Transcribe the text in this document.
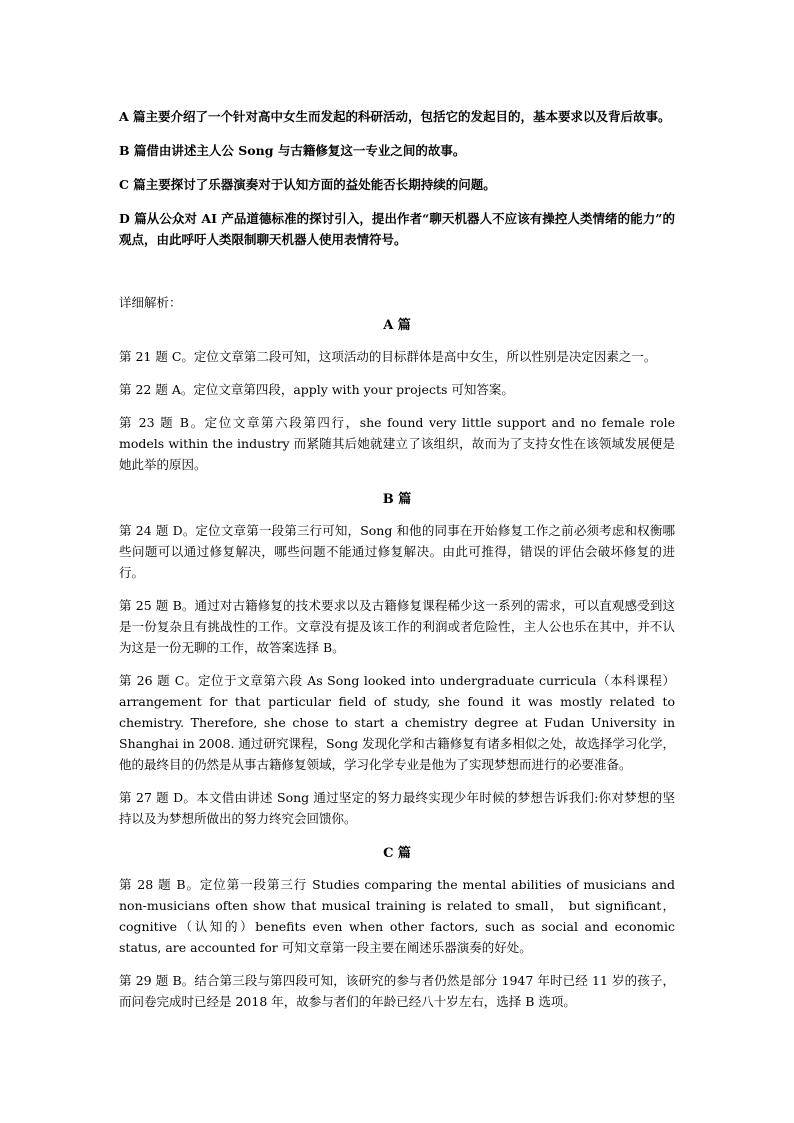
A 篇主要介绍了一个针对高中女生而发起的科研活动，包括它的发起目的，基本要求以及背后故事。

B 篇借由讲述主人公 Song 与古籍修复这一专业之间的故事。

C 篇主要探讨了乐器演奏对于认知方面的益处能否长期持续的问题。

D 篇从公众对 AI 产品道德标准的探讨引入，提出作者“聊天机器人不应该有操控人类情绪的能力”的观点，由此呼吁人类限制聊天机器人使用表情符号。

详细解析：
A 篇

第 21 题 C。定位文章第二段可知，这项活动的目标群体是高中女生，所以性别是决定因素之一。

第 22 题 A。定位文章第四段，apply with your projects 可知答案。

第 23 题 B。定位文章第六段第四行，she found very little support and no female role models within the industry 而紧随其后她就建立了该组织，故而为了支持女性在该领域发展便是她此举的原因。

B 篇

第 24 题 D。定位文章第一段第三行可知，Song 和他的同事在开始修复工作之前必须考虑和权衡哪些问题可以通过修复解决，哪些问题不能通过修复解决。由此可推得，错误的评估会破坏修复的进行。

第 25 题 B。通过对古籍修复的技术要求以及古籍修复课程稀少这一系列的需求，可以直观感受到这是一份复杂且有挑战性的工作。文章没有提及该工作的利润或者危险性，主人公也乐在其中，并不认为这是一份无聊的工作，故答案选择 B。

第 26 题 C。定位于文章第六段 As Song looked into undergraduate curricula（本科课程）arrangement for that particular field of study, she found it was mostly related to chemistry. Therefore, she chose to start a chemistry degree at Fudan University in Shanghai in 2008. 通过研究课程，Song 发现化学和古籍修复有诸多相似之处，故选择学习化学，他的最终目的仍然是从事古籍修复领域，学习化学专业是他为了实现梦想而进行的必要准备。

第 27 题 D。本文借由讲述 Song 通过坚定的努力最终实现少年时候的梦想告诉我们:你对梦想的坚持以及为梦想所做出的努力终究会回馈你。

C 篇

第 28 题 B。定位第一段第三行 Studies comparing the mental abilities of musicians and non-musicians often show that musical training is related to small， but significant， cognitive（认知的）benefits even when other factors, such as social and economic status, are accounted for 可知文章第一段主要在阐述乐器演奏的好处。

第 29 题 B。结合第三段与第四段可知，该研究的参与者仍然是部分 1947 年时已经 11 岁的孩子，而问卷完成时已经是 2018 年，故参与者们的年龄已经八十岁左右，选择 B 选项。
